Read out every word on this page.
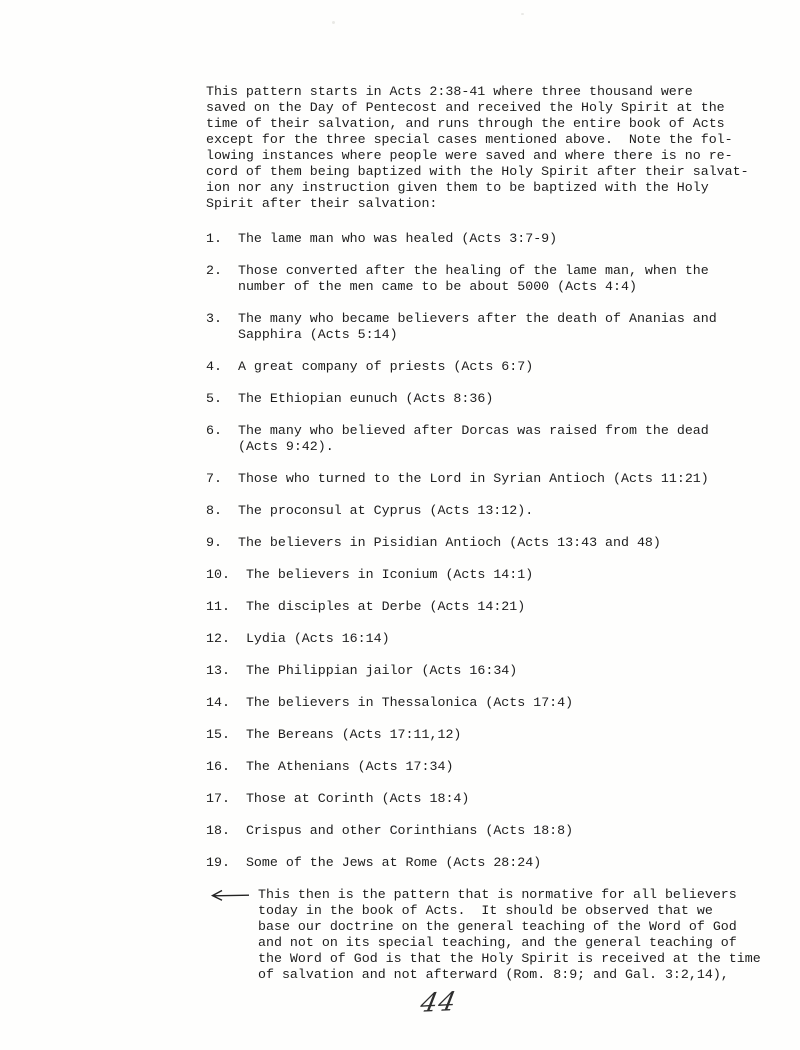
This pattern starts in Acts 2:38-41 where three thousand were
saved on the Day of Pentecost and received the Holy Spirit at the
time of their salvation, and runs through the entire book of Acts
except for the three special cases mentioned above.  Note the fol-
lowing instances where people were saved and where there is no re-
cord of them being baptized with the Holy Spirit after their salvat-
ion nor any instruction given them to be baptized with the Holy
Spirit after their salvation:

1. The lame man who was healed (Acts 3:7-9)
2. Those converted after the healing of the lame man, when the
number of the men came to be about 5000 (Acts 4:4)
3. The many who became believers after the death of Ananias and
Sapphira (Acts 5:14)
4. A great company of priests (Acts 6:7)
5. The Ethiopian eunuch (Acts 8:36)
6. The many who believed after Dorcas was raised from the dead
(Acts 9:42).
7. Those who turned to the Lord in Syrian Antioch (Acts 11:21)
8. The proconsul at Cyprus (Acts 13:12).
9. The believers in Pisidian Antioch (Acts 13:43 and 48)
10. The believers in Iconium (Acts 14:1)
11. The disciples at Derbe (Acts 14:21)
12. Lydia (Acts 16:14)
13. The Philippian jailor (Acts 16:34)
14. The believers in Thessalonica (Acts 17:4)
15. The Bereans (Acts 17:11,12)
16. The Athenians (Acts 17:34)
17. Those at Corinth (Acts 18:4)
18. Crispus and other Corinthians (Acts 18:8)
19. Some of the Jews at Rome (Acts 28:24)
This then is the pattern that is normative for all believers
today in the book of Acts.  It should be observed that we
base our doctrine on the general teaching of the Word of God
and not on its special teaching, and the general teaching of
the Word of God is that the Holy Spirit is received at the time
of salvation and not afterward (Rom. 8:9; and Gal. 3:2,14),
44
